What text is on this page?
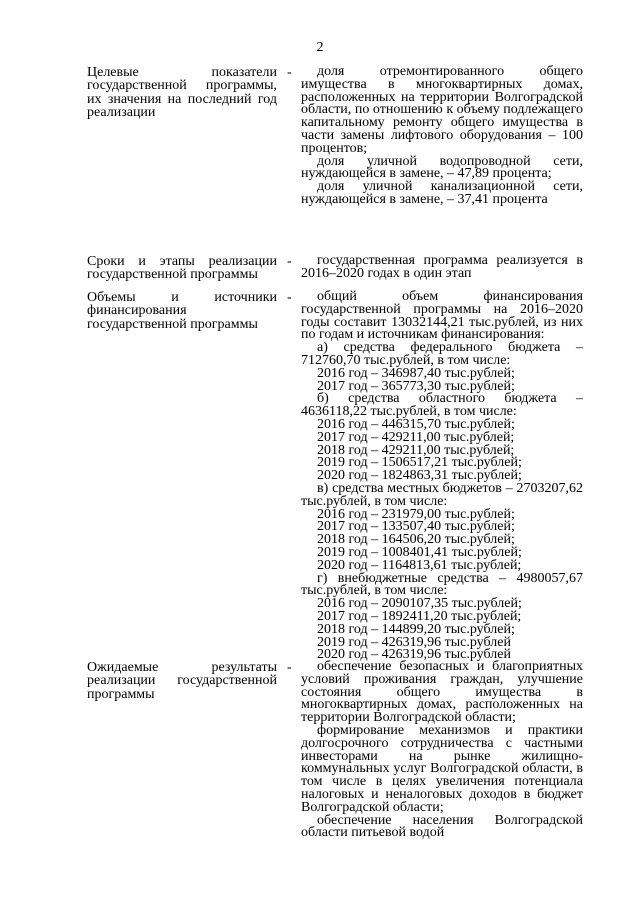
2
Целевые показатели государственной программы, их значения на последний год реализации
-	доля отремонтированного общего имущества в многоквартирных домах, расположенных на территории Волгоградской области, по отношению к объему подлежащего капитальному ремонту общего имущества в части замены лифтового оборудования – 100 процентов;

доля уличной водопроводной сети, нуждающейся в замене, – 47,89 процента;

доля уличной канализационной сети, нуждающейся в замене, – 37,41 процента

Сроки и этапы реализации государственной программы
-	государственная программа реализуется в 2016–2020 годах в один этап

Объемы и источники финансирования государственной программы
-	общий объем финансирования государственной программы на 2016–2020 годы составит 13032144,21 тыс.рублей, из них по годам и источникам финансирования:

а) средства федерального бюджета – 712760,70 тыс.рублей, в том числе:

2016 год – 346987,40 тыс.рублей;

2017 год – 365773,30 тыс.рублей;

б) средства областного бюджета – 4636118,22 тыс.рублей, в том числе:

2016 год – 446315,70 тыс.рублей;

2017 год – 429211,00 тыс.рублей;

2018 год – 429211,00 тыс.рублей;

2019 год – 1506517,21 тыс.рублей;

2020 год – 1824863,31 тыс.рублей;

в) средства местных бюджетов – 2703207,62 тыс.рублей, в том числе:

2016 год – 231979,00 тыс.рублей;

2017 год – 133507,40 тыс.рублей;

2018 год – 164506,20 тыс.рублей;

2019 год – 1008401,41 тыс.рублей;

2020 год – 1164813,61 тыс.рублей;

г) внебюджетные средства – 4980057,67 тыс.рублей, в том числе:

2016 год – 2090107,35 тыс.рублей;

2017 год – 1892411,20 тыс.рублей;

2018 год – 144899,20 тыс.рублей;

2019 год – 426319,96 тыс.рублей

2020 год – 426319,96 тыс.рублей

Ожидаемые результаты реализации государственной программы
-	обеспечение безопасных и благоприятных условий проживания граждан, улучшение состояния общего имущества в многоквартирных домах, расположенных на территории Волгоградской области;

формирование механизмов и практики долгосрочного сотрудничества с частными инвесторами на рынке жилищно-коммунальных услуг Волгоградской области, в том числе в целях увеличения потенциала налоговых и неналоговых доходов в бюджет Волгоградской области;

обеспечение населения Волгоградской области питьевой водой
